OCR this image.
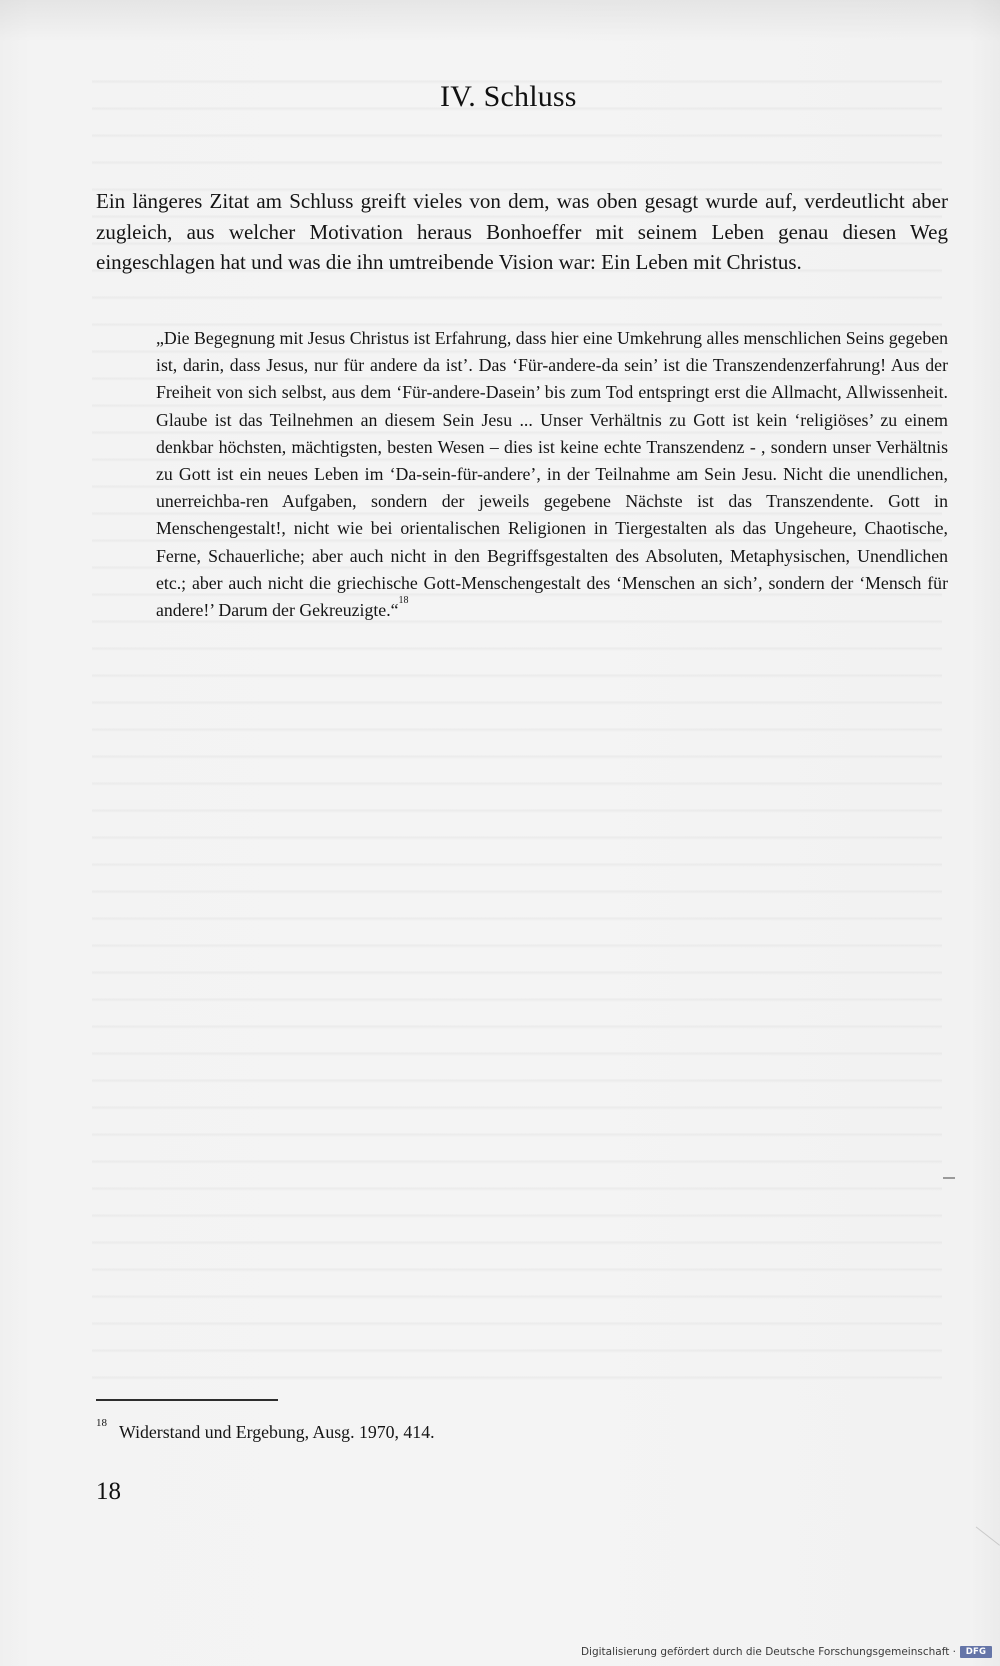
IV. Schluss

Ein längeres Zitat am Schluss greift vieles von dem, was oben gesagt wurde auf, verdeutlicht aber zugleich, aus welcher Motivation heraus Bonhoeffer mit seinem Leben genau diesen Weg eingeschlagen hat und was die ihn umtreibende Vision war: Ein Leben mit Christus.

„Die Begegnung mit Jesus Christus ist Erfahrung, dass hier eine Umkehrung alles menschlichen Seins gegeben ist, darin, dass Jesus, nur für andere da ist’. Das ‘Für-andere-da sein’ ist die Transzendenzerfahrung! Aus der Freiheit von sich selbst, aus dem ‘Für-andere-Dasein’ bis zum Tod entspringt erst die Allmacht, Allwissenheit. Glaube ist das Teilnehmen an diesem Sein Jesu ... Unser Verhältnis zu Gott ist kein ‘religiöses’ zu einem denkbar höchsten, mächtigsten, besten Wesen – dies ist keine echte Transzendenz - , sondern unser Verhältnis zu Gott ist ein neues Leben im ‘Da-sein-für-andere’, in der Teilnahme am Sein Jesu. Nicht die unendlichen, unerreichba-ren Aufgaben, sondern der jeweils gegebene Nächste ist das Transzendente. Gott in Menschengestalt!, nicht wie bei orientalischen Religionen in Tiergestalten als das Ungeheure, Chaotische, Ferne, Schauerliche; aber auch nicht in den Begriffsgestalten des Absoluten, Metaphysischen, Unendlichen etc.; aber auch nicht die griechische Gott-Menschengestalt des ‘Menschen an sich’, sondern der ‘Mensch für andere!’ Darum der Gekreuzigte.“$^{18}$

$^{18}$ Widerstand und Ergebung, Ausg. 1970, 414.

18

Digitalisierung gefördert durch die Deutsche Forschungsgemeinschaft ·	DFG
